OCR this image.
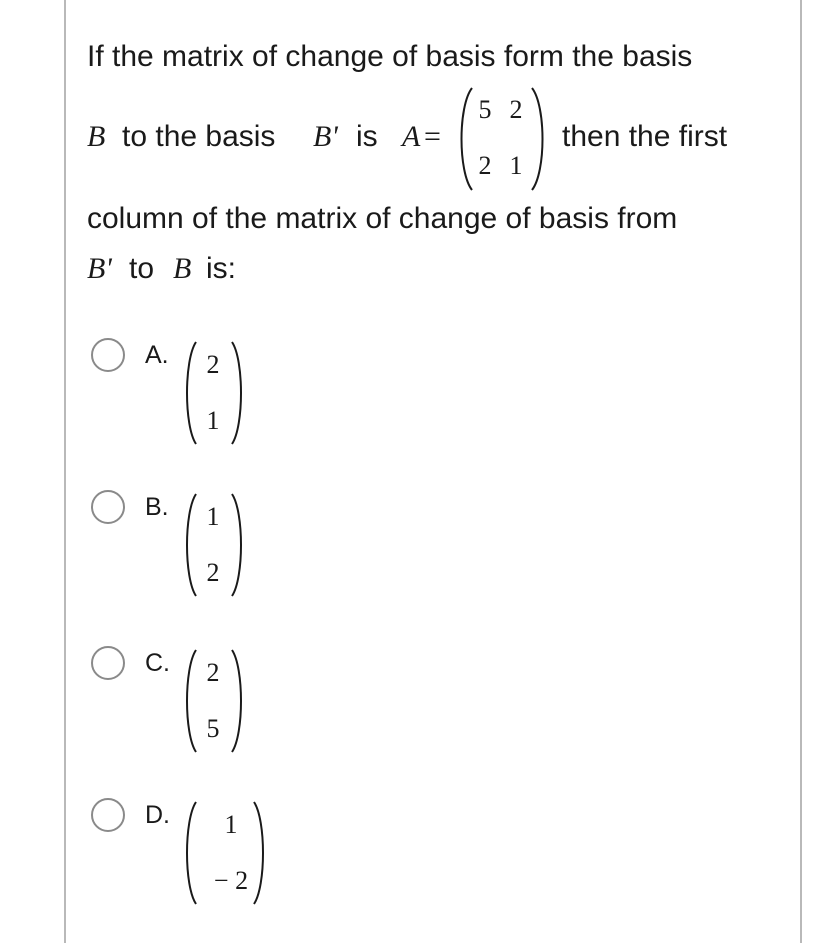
If the matrix of change of basis form the basis
B to the basis B' is A =
5 2
2 1
then the first
column of the matrix of change of basis from
B' to B is:
A.	2
1
B.	1
2
C.	2
5
D.	1
− 2
